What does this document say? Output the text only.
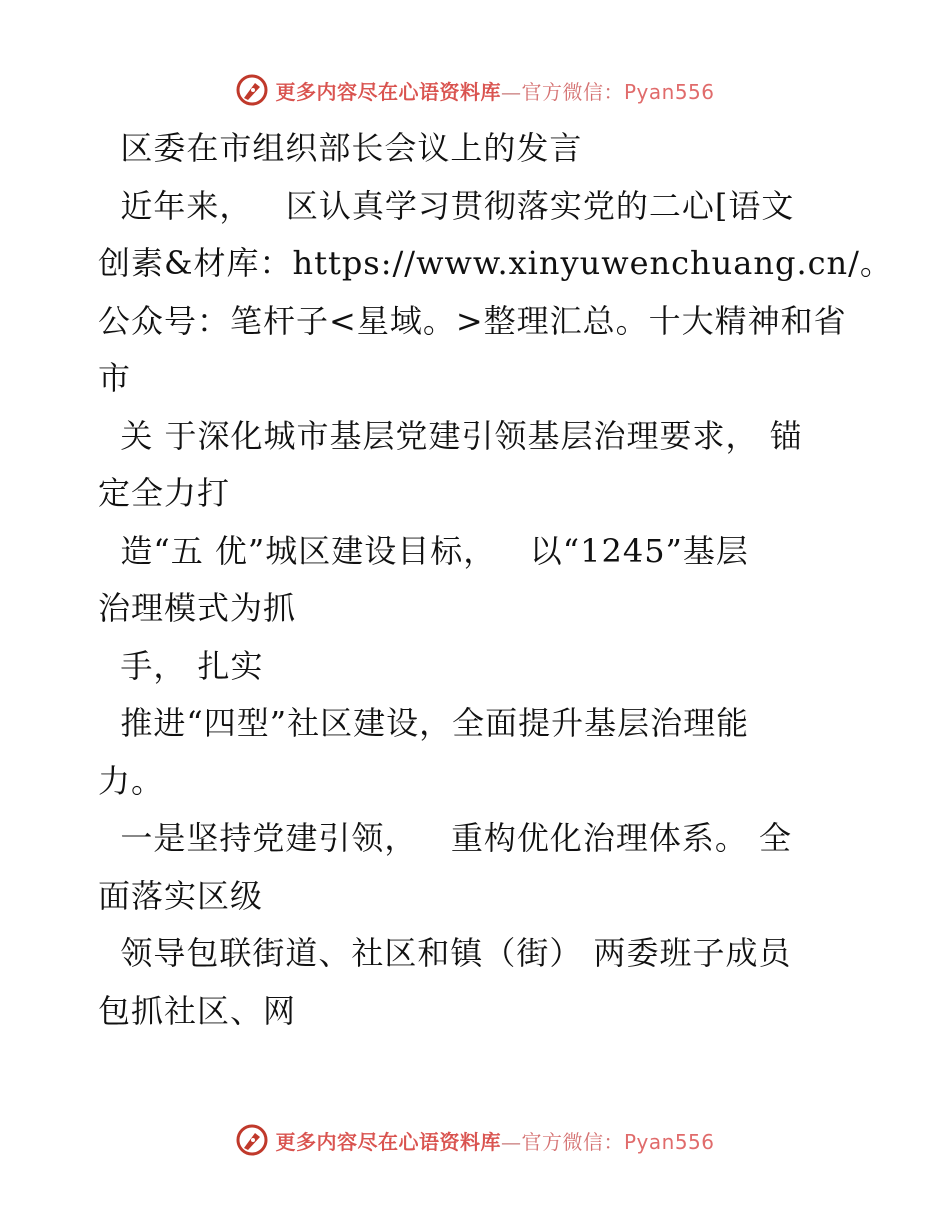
更多内容尽在心语资料库—官方微信：Pyan556
区委在市组织部长会议上的发言
近年来，   区认真学习贯彻落实党的二心[语文
创素&材库：https://www.xinyuwenchuang.cn/。
公众号：笔杆子<星域。>整理汇总。十大精神和省
市
关 于深化城市基层党建引领基层治理要求， 锚
定全力打
造“五 优”城区建设目标，   以“1245”基层
治理模式为抓
手， 扎实
推进“四型”社区建设，全面提升基层治理能
力。
一是坚持党建引领，   重构优化治理体系。 全
面落实区级
领导包联街道、社区和镇（街） 两委班子成员
包抓社区、网
更多内容尽在心语资料库—官方微信：Pyan556
